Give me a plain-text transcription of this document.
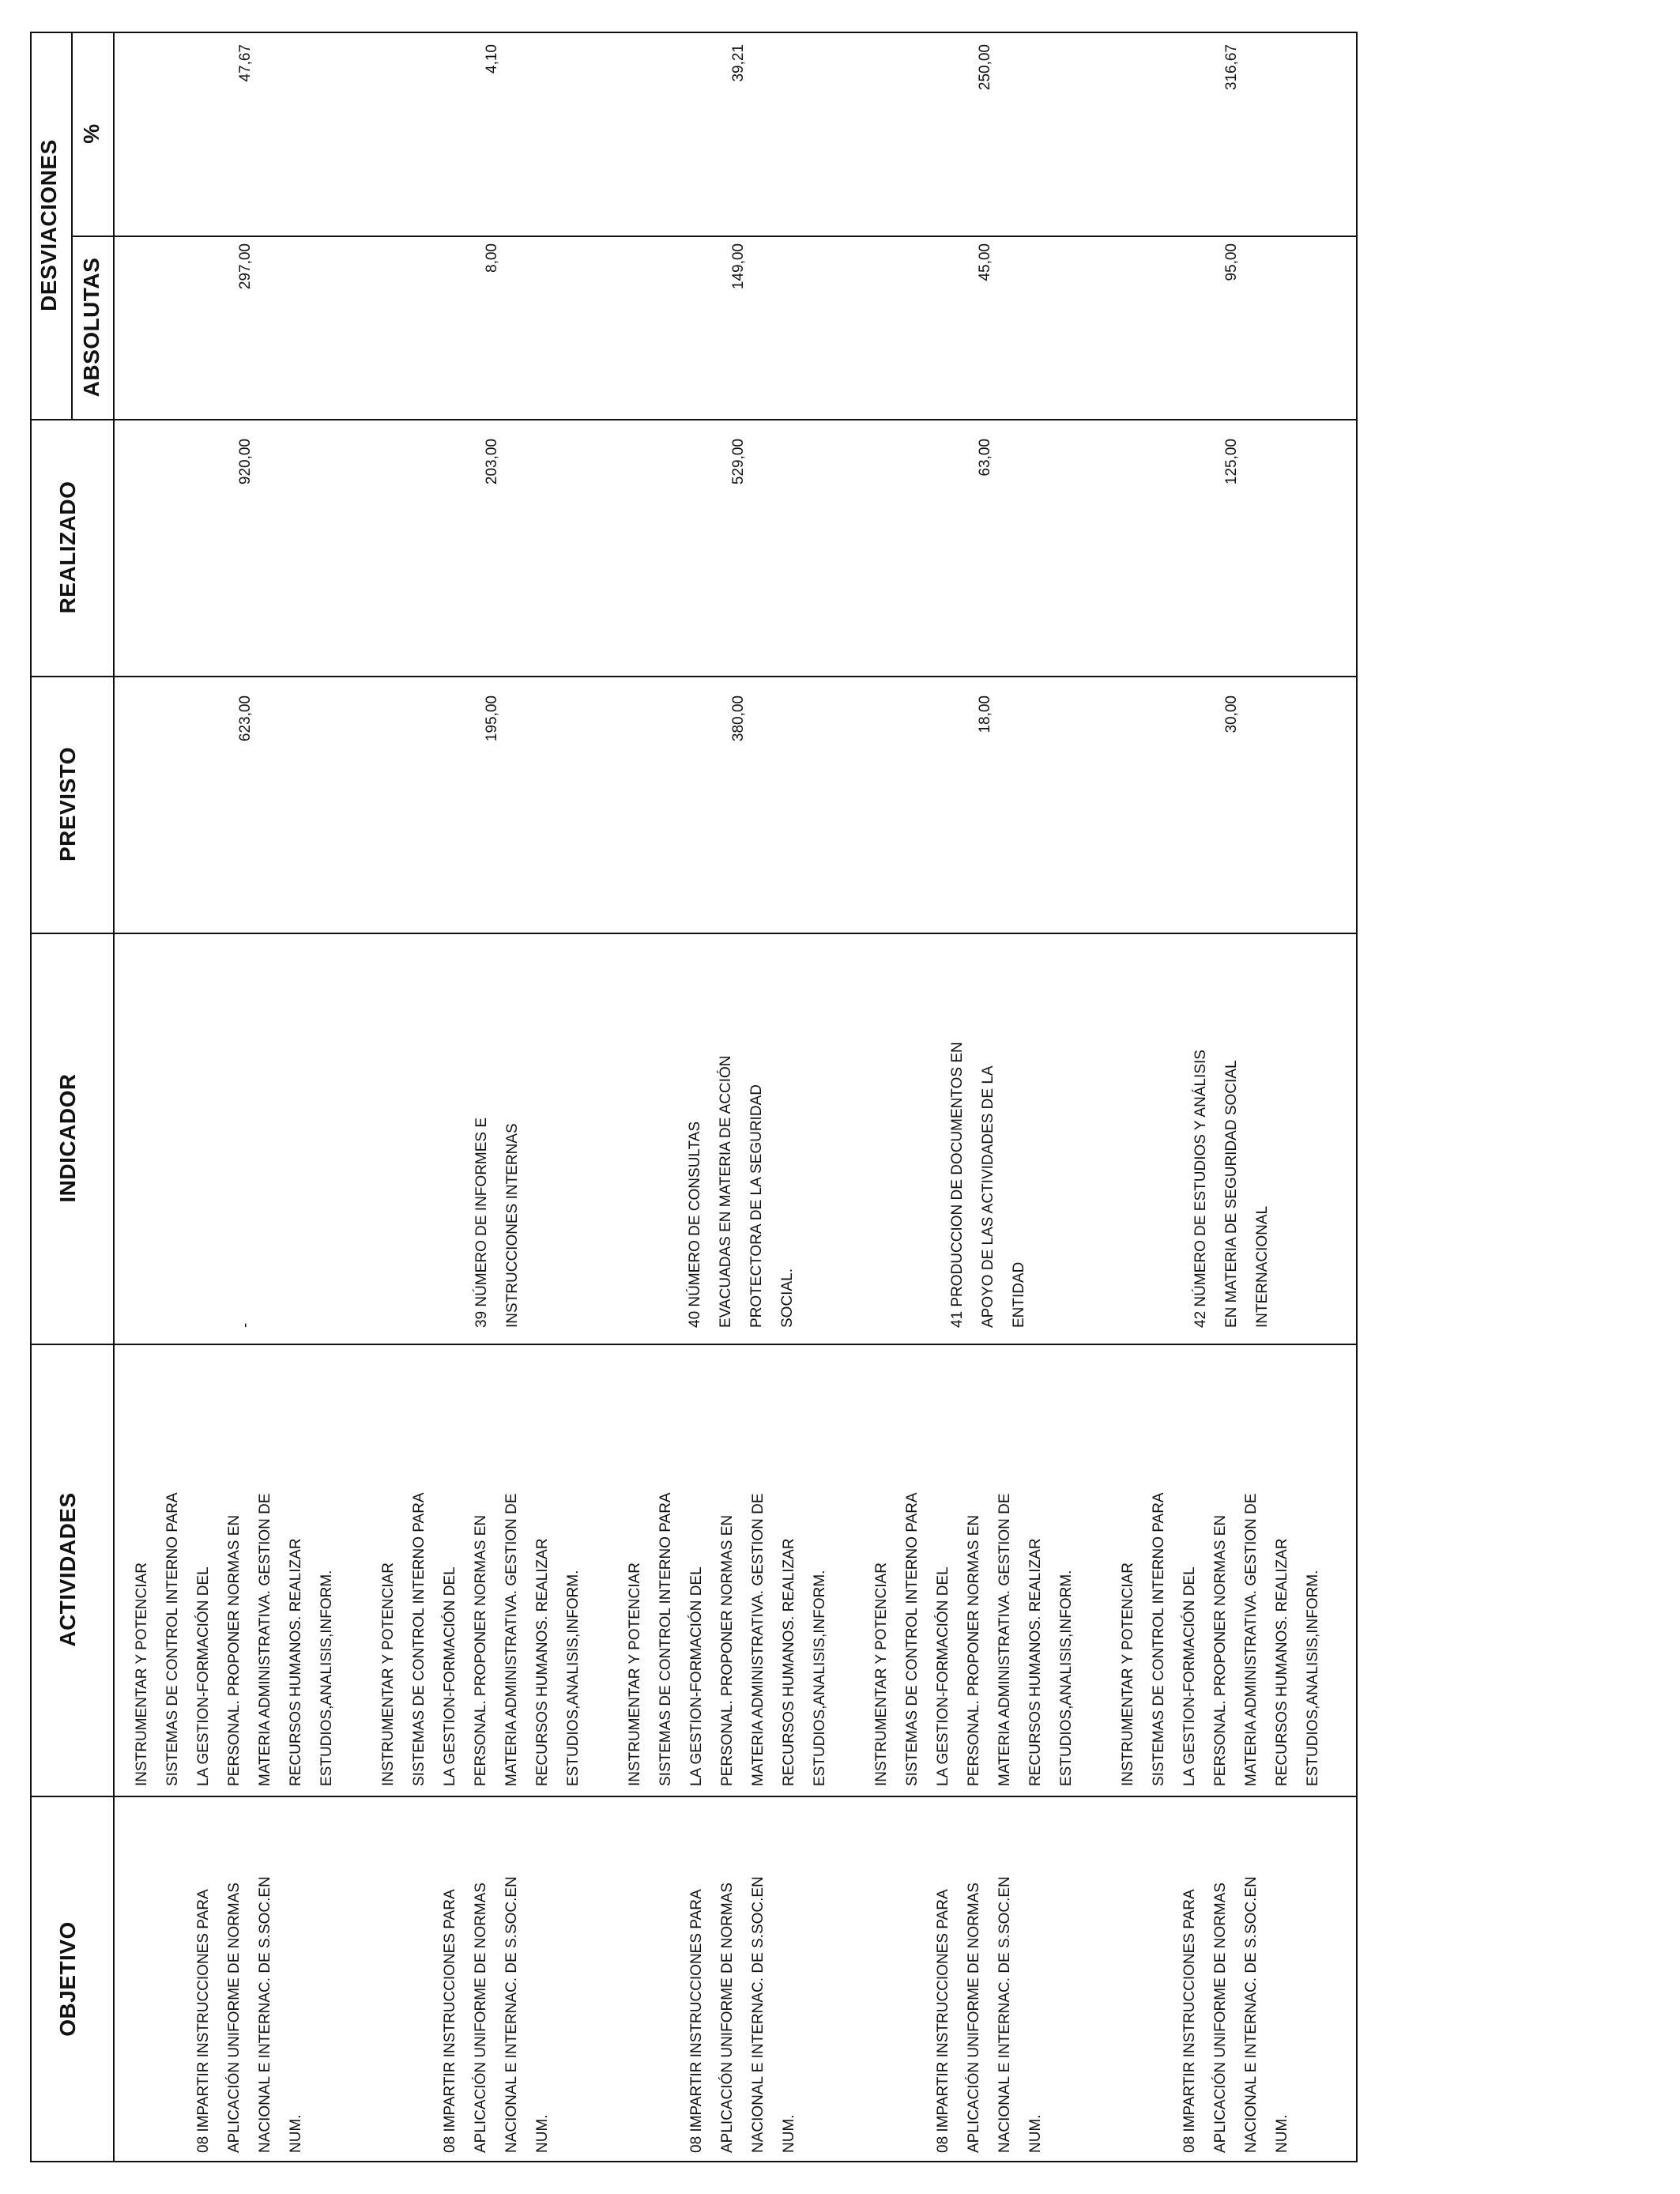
OBJETIVO
ACTIVIDADES
INDICADOR
PREVISTO
REALIZADO
DESVIACIONES
ABSOLUTAS
%
08 IMPARTIR INSTRUCCIONES PARA APLICACIÓN UNIFORME DE NORMAS NACIONAL E INTERNAC. DE S.SOC.EN NUM.
INSTRUMENTAR Y POTENCIAR SISTEMAS DE CONTROL INTERNO PARA LA GESTION-FORMACIÓN DEL PERSONAL. PROPONER NORMAS EN MATERIA ADMINISTRATIVA. GESTION DE RECURSOS HUMANOS. REALIZAR ESTUDIOS,ANALISIS,INFORM.
-
623,00
920,00
297,00
47,67
08 IMPARTIR INSTRUCCIONES PARA APLICACIÓN UNIFORME DE NORMAS NACIONAL E INTERNAC. DE S.SOC.EN NUM.
INSTRUMENTAR Y POTENCIAR SISTEMAS DE CONTROL INTERNO PARA LA GESTION-FORMACIÓN DEL PERSONAL. PROPONER NORMAS EN MATERIA ADMINISTRATIVA. GESTION DE RECURSOS HUMANOS. REALIZAR ESTUDIOS,ANALISIS,INFORM.
39 NÚMERO DE INFORMES E INSTRUCCIONES INTERNAS
195,00
203,00
8,00
4,10
08 IMPARTIR INSTRUCCIONES PARA APLICACIÓN UNIFORME DE NORMAS NACIONAL E INTERNAC. DE S.SOC.EN NUM.
INSTRUMENTAR Y POTENCIAR SISTEMAS DE CONTROL INTERNO PARA LA GESTION-FORMACIÓN DEL PERSONAL. PROPONER NORMAS EN MATERIA ADMINISTRATIVA. GESTION DE RECURSOS HUMANOS. REALIZAR ESTUDIOS,ANALISIS,INFORM.
40 NÚMERO DE CONSULTAS EVACUADAS EN MATERIA DE ACCIÓN PROTECTORA DE LA SEGURIDAD SOCIAL.
380,00
529,00
149,00
39,21
08 IMPARTIR INSTRUCCIONES PARA APLICACIÓN UNIFORME DE NORMAS NACIONAL E INTERNAC. DE S.SOC.EN NUM.
INSTRUMENTAR Y POTENCIAR SISTEMAS DE CONTROL INTERNO PARA LA GESTION-FORMACIÓN DEL PERSONAL. PROPONER NORMAS EN MATERIA ADMINISTRATIVA. GESTION DE RECURSOS HUMANOS. REALIZAR ESTUDIOS,ANALISIS,INFORM.
41 PRODUCCION DE DOCUMENTOS EN APOYO DE LAS ACTIVIDADES DE LA ENTIDAD
18,00
63,00
45,00
250,00
08 IMPARTIR INSTRUCCIONES PARA APLICACIÓN UNIFORME DE NORMAS NACIONAL E INTERNAC. DE S.SOC.EN NUM.
INSTRUMENTAR Y POTENCIAR SISTEMAS DE CONTROL INTERNO PARA LA GESTION-FORMACIÓN DEL PERSONAL. PROPONER NORMAS EN MATERIA ADMINISTRATIVA. GESTION DE RECURSOS HUMANOS. REALIZAR ESTUDIOS,ANALISIS,INFORM.
42 NÚMERO DE ESTUDIOS Y ANÁLISIS EN MATERIA DE SEGURIDAD SOCIAL INTERNACIONAL
30,00
125,00
95,00
316,67
